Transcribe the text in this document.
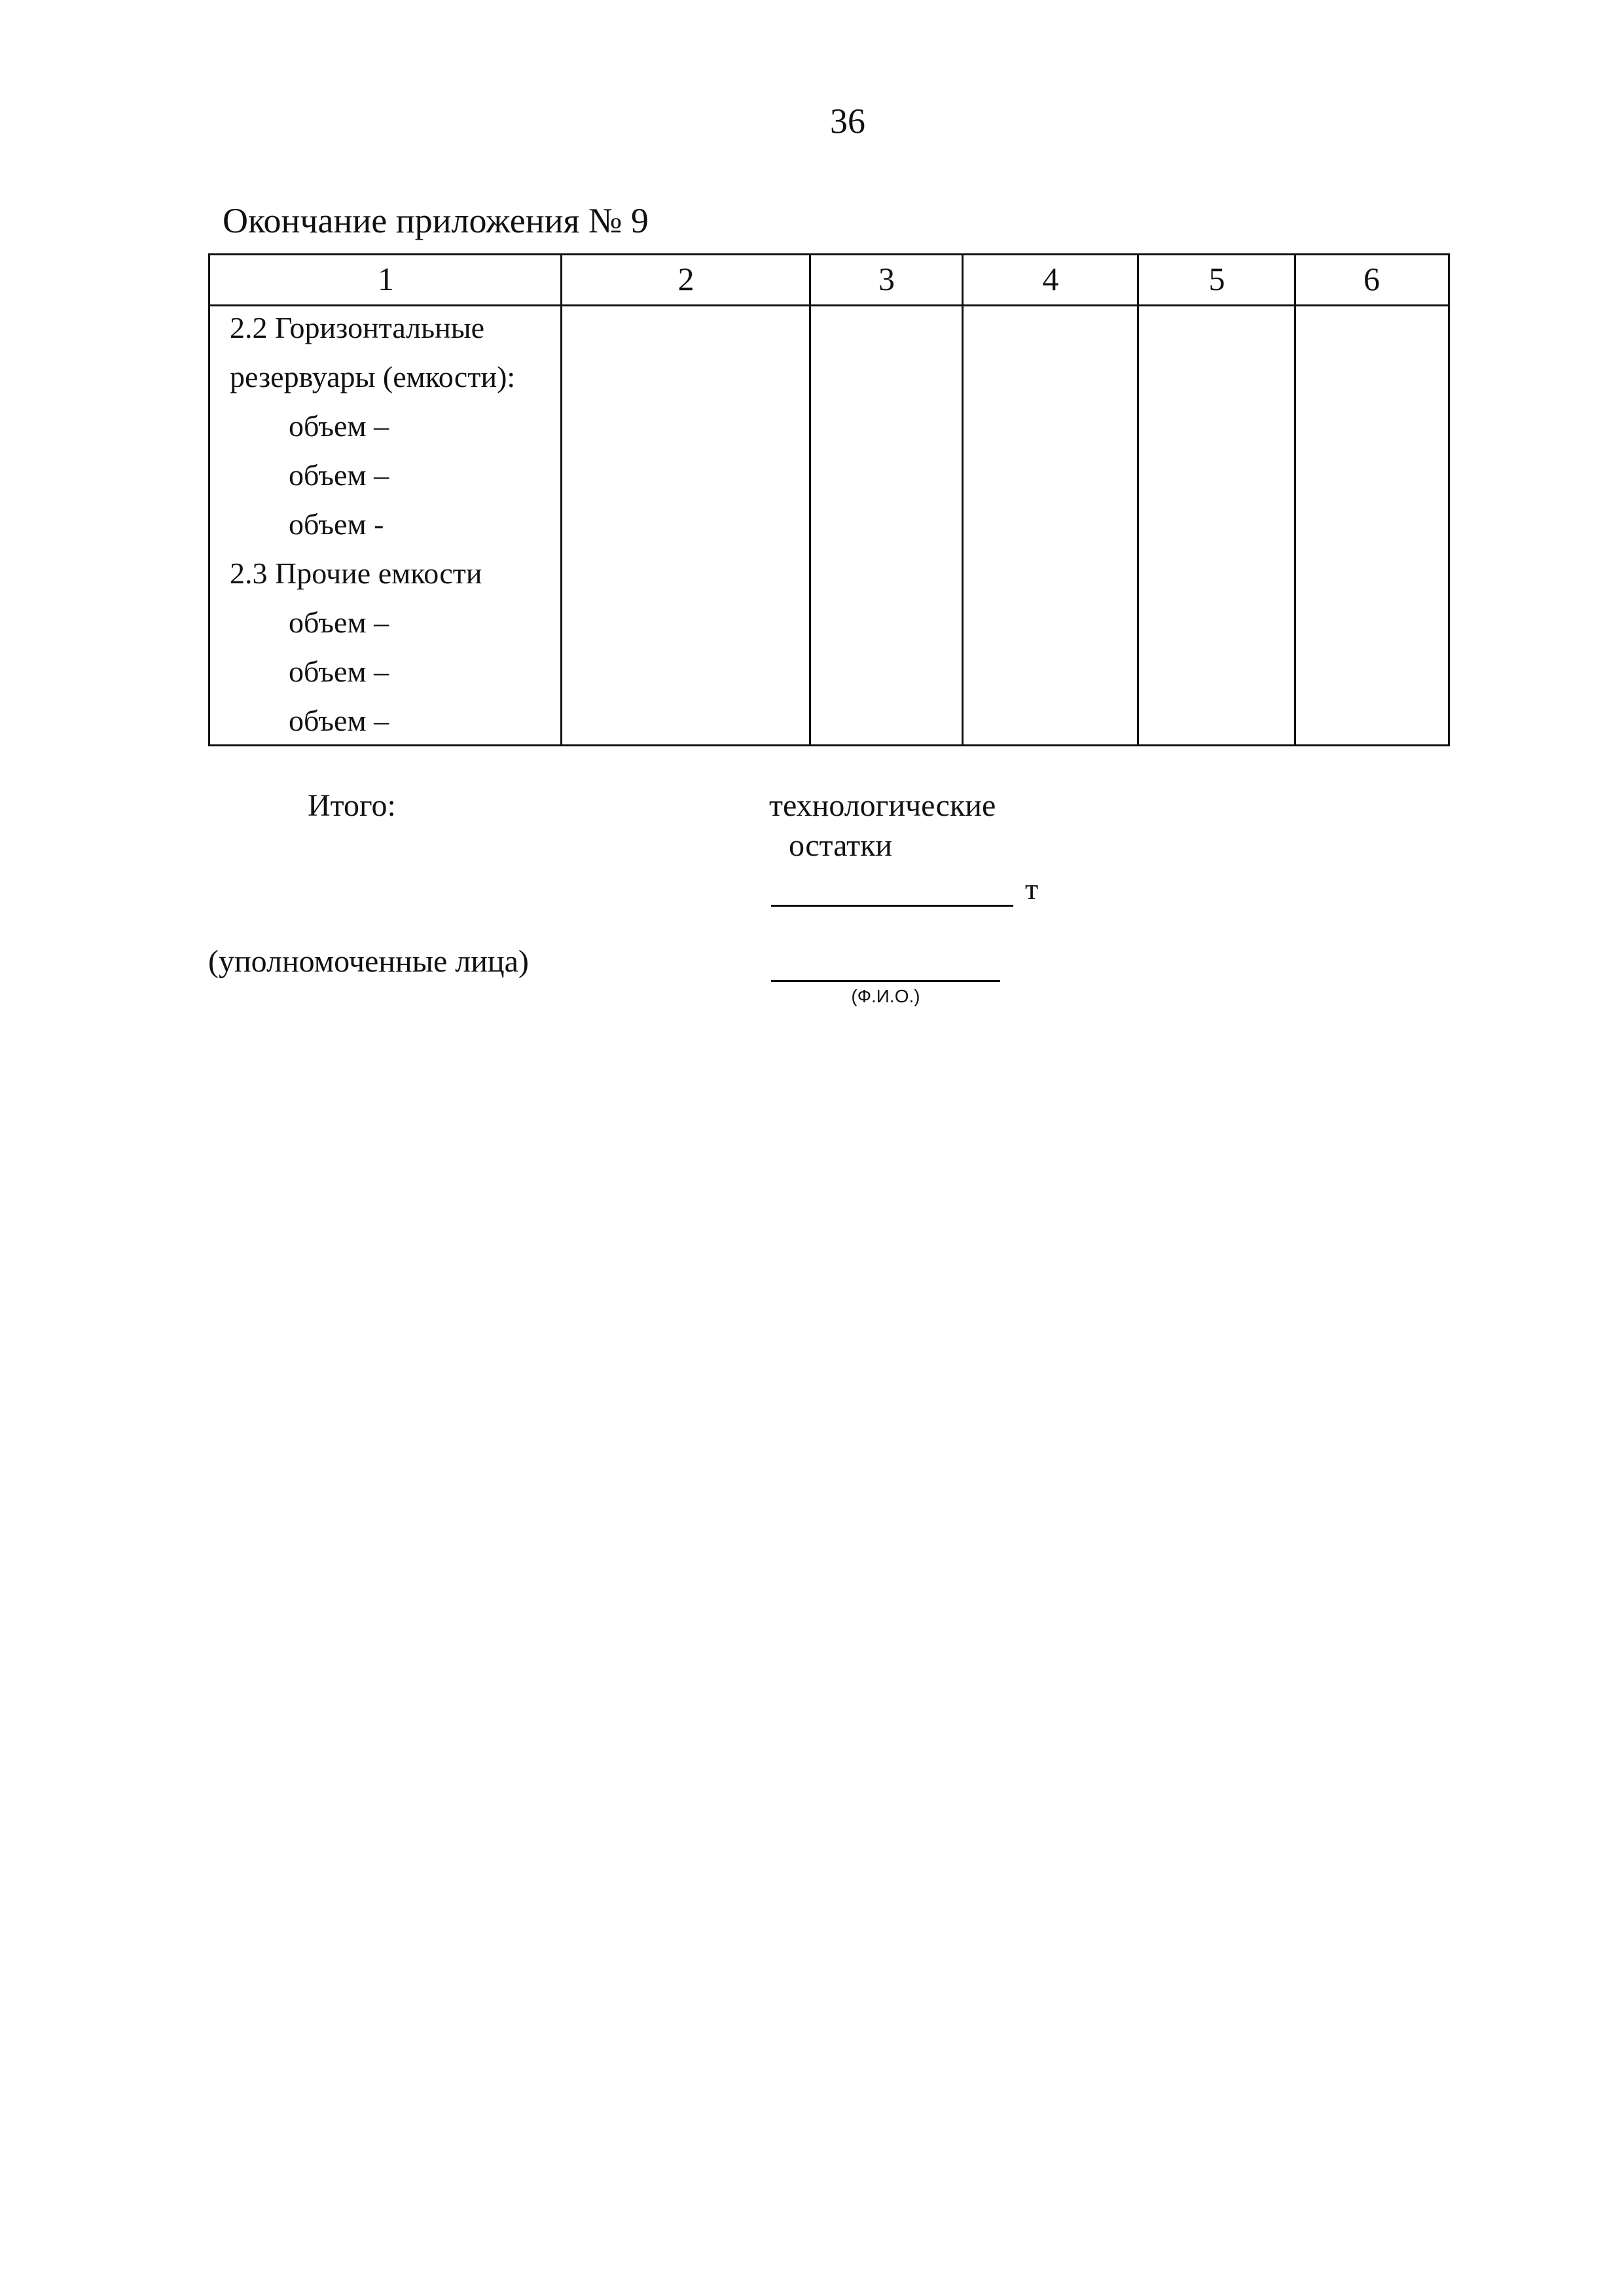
36
Окончание приложения № 9
1	2	3	4	5	6
2.2 Горизонтальные
резервуары (емкости):
объем –
объем –
объем -
2.3 Прочие емкости
объем –
объем –
объем –
Итого:	технологические
остатки
т
(уполномоченные лица)
(Ф.И.О.)
